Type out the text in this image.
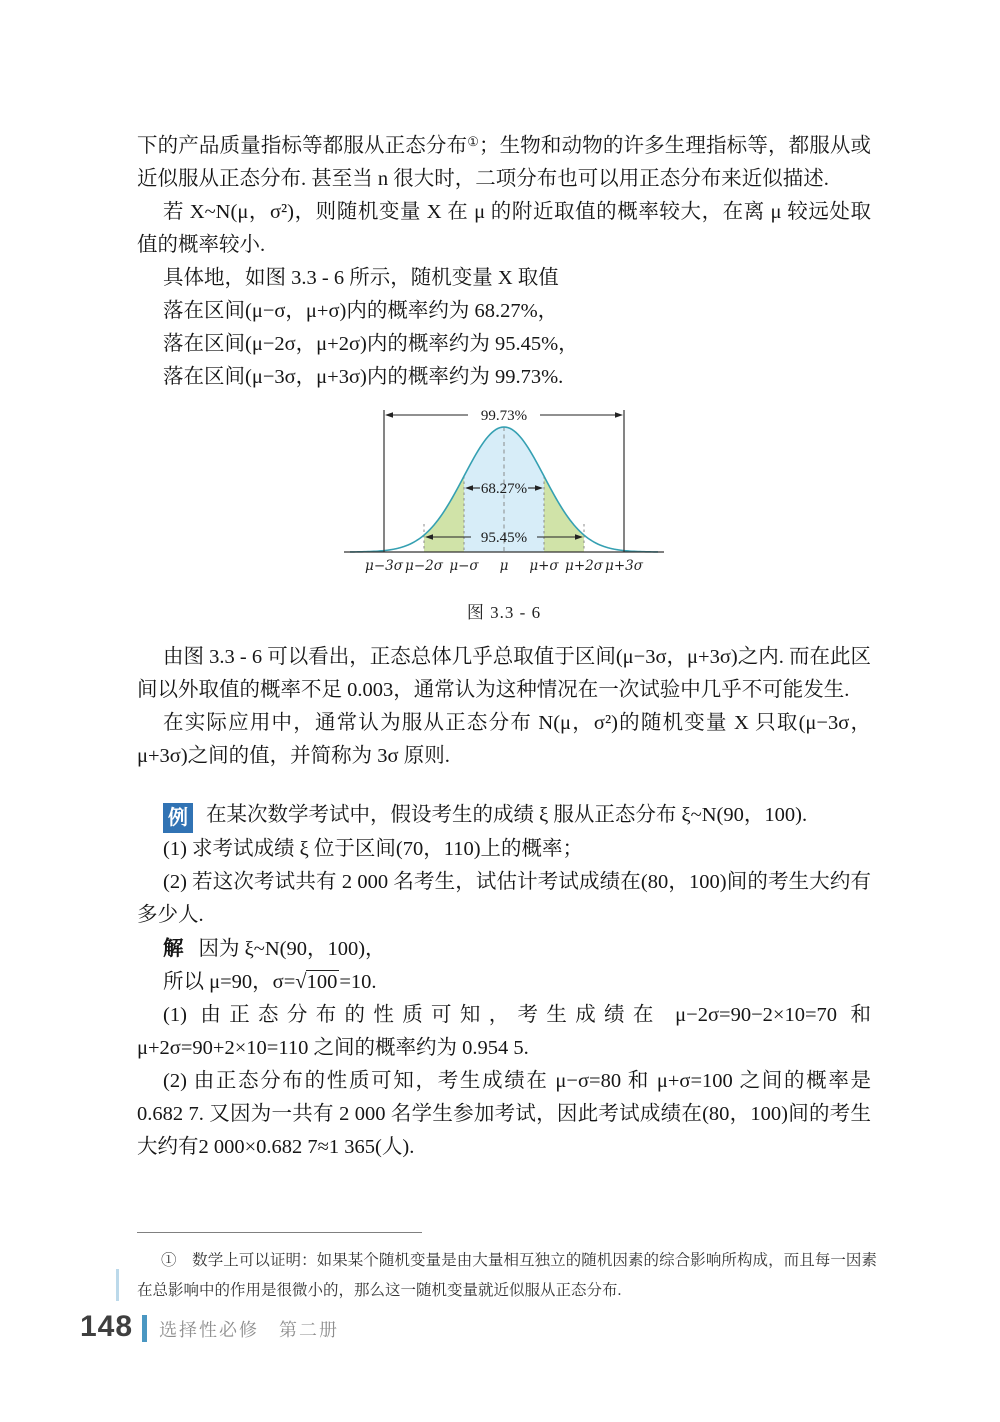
下的产品质量指标等都服从正态分布①；生物和动物的许多生理指标等，都服从或近似服从正态分布. 甚至当 n 很大时，二项分布也可以用正态分布来近似描述.

若 X~N(μ，σ²)，则随机变量 X 在 μ 的附近取值的概率较大，在离 μ 较远处取值的概率较小.

具体地，如图 3.3 - 6 所示，随机变量 X 取值

落在区间(μ−σ，μ+σ)内的概率约为 68.27%，

落在区间(μ−2σ，μ+2σ)内的概率约为 95.45%，

落在区间(μ−3σ，μ+3σ)内的概率约为 99.73%.

99.73%
68.27%
95.45%
μ−3σ μ−2σ μ−σ μ μ+σ μ+2σ μ+3σ
图 3.3 - 6

由图 3.3 - 6 可以看出，正态总体几乎总取值于区间(μ−3σ，μ+3σ)之内. 而在此区间以外取值的概率不足 0.003，通常认为这种情况在一次试验中几乎不可能发生.

在实际应用中，通常认为服从正态分布 N(μ，σ²)的随机变量 X 只取(μ−3σ，μ+3σ)之间的值，并简称为 3σ 原则.

例 在某次数学考试中，假设考生的成绩 ξ 服从正态分布 ξ~N(90，100).

(1) 求考试成绩 ξ 位于区间(70，110)上的概率；

(2) 若这次考试共有 2 000 名考生，试估计考试成绩在(80，100)间的考生大约有多少人.

解 因为 ξ~N(90，100)，

所以 μ=90，σ=√100=10.

(1) 由正态分布的性质可知，考生成绩在 μ−2σ=90−2×10=70 和 μ+2σ=90+2×10=110 之间的概率约为 0.954 5.

(2) 由正态分布的性质可知，考生成绩在 μ−σ=80 和 μ+σ=100 之间的概率是 0.682 7. 又因为一共有 2 000 名学生参加考试，因此考试成绩在(80，100)间的考生大约有2 000×0.682 7≈1 365(人).

①　数学上可以证明：如果某个随机变量是由大量相互独立的随机因素的综合影响所构成，而且每一因素在总影响中的作用是很微小的，那么这一随机变量就近似服从正态分布.

148 选择性必修　第二册
